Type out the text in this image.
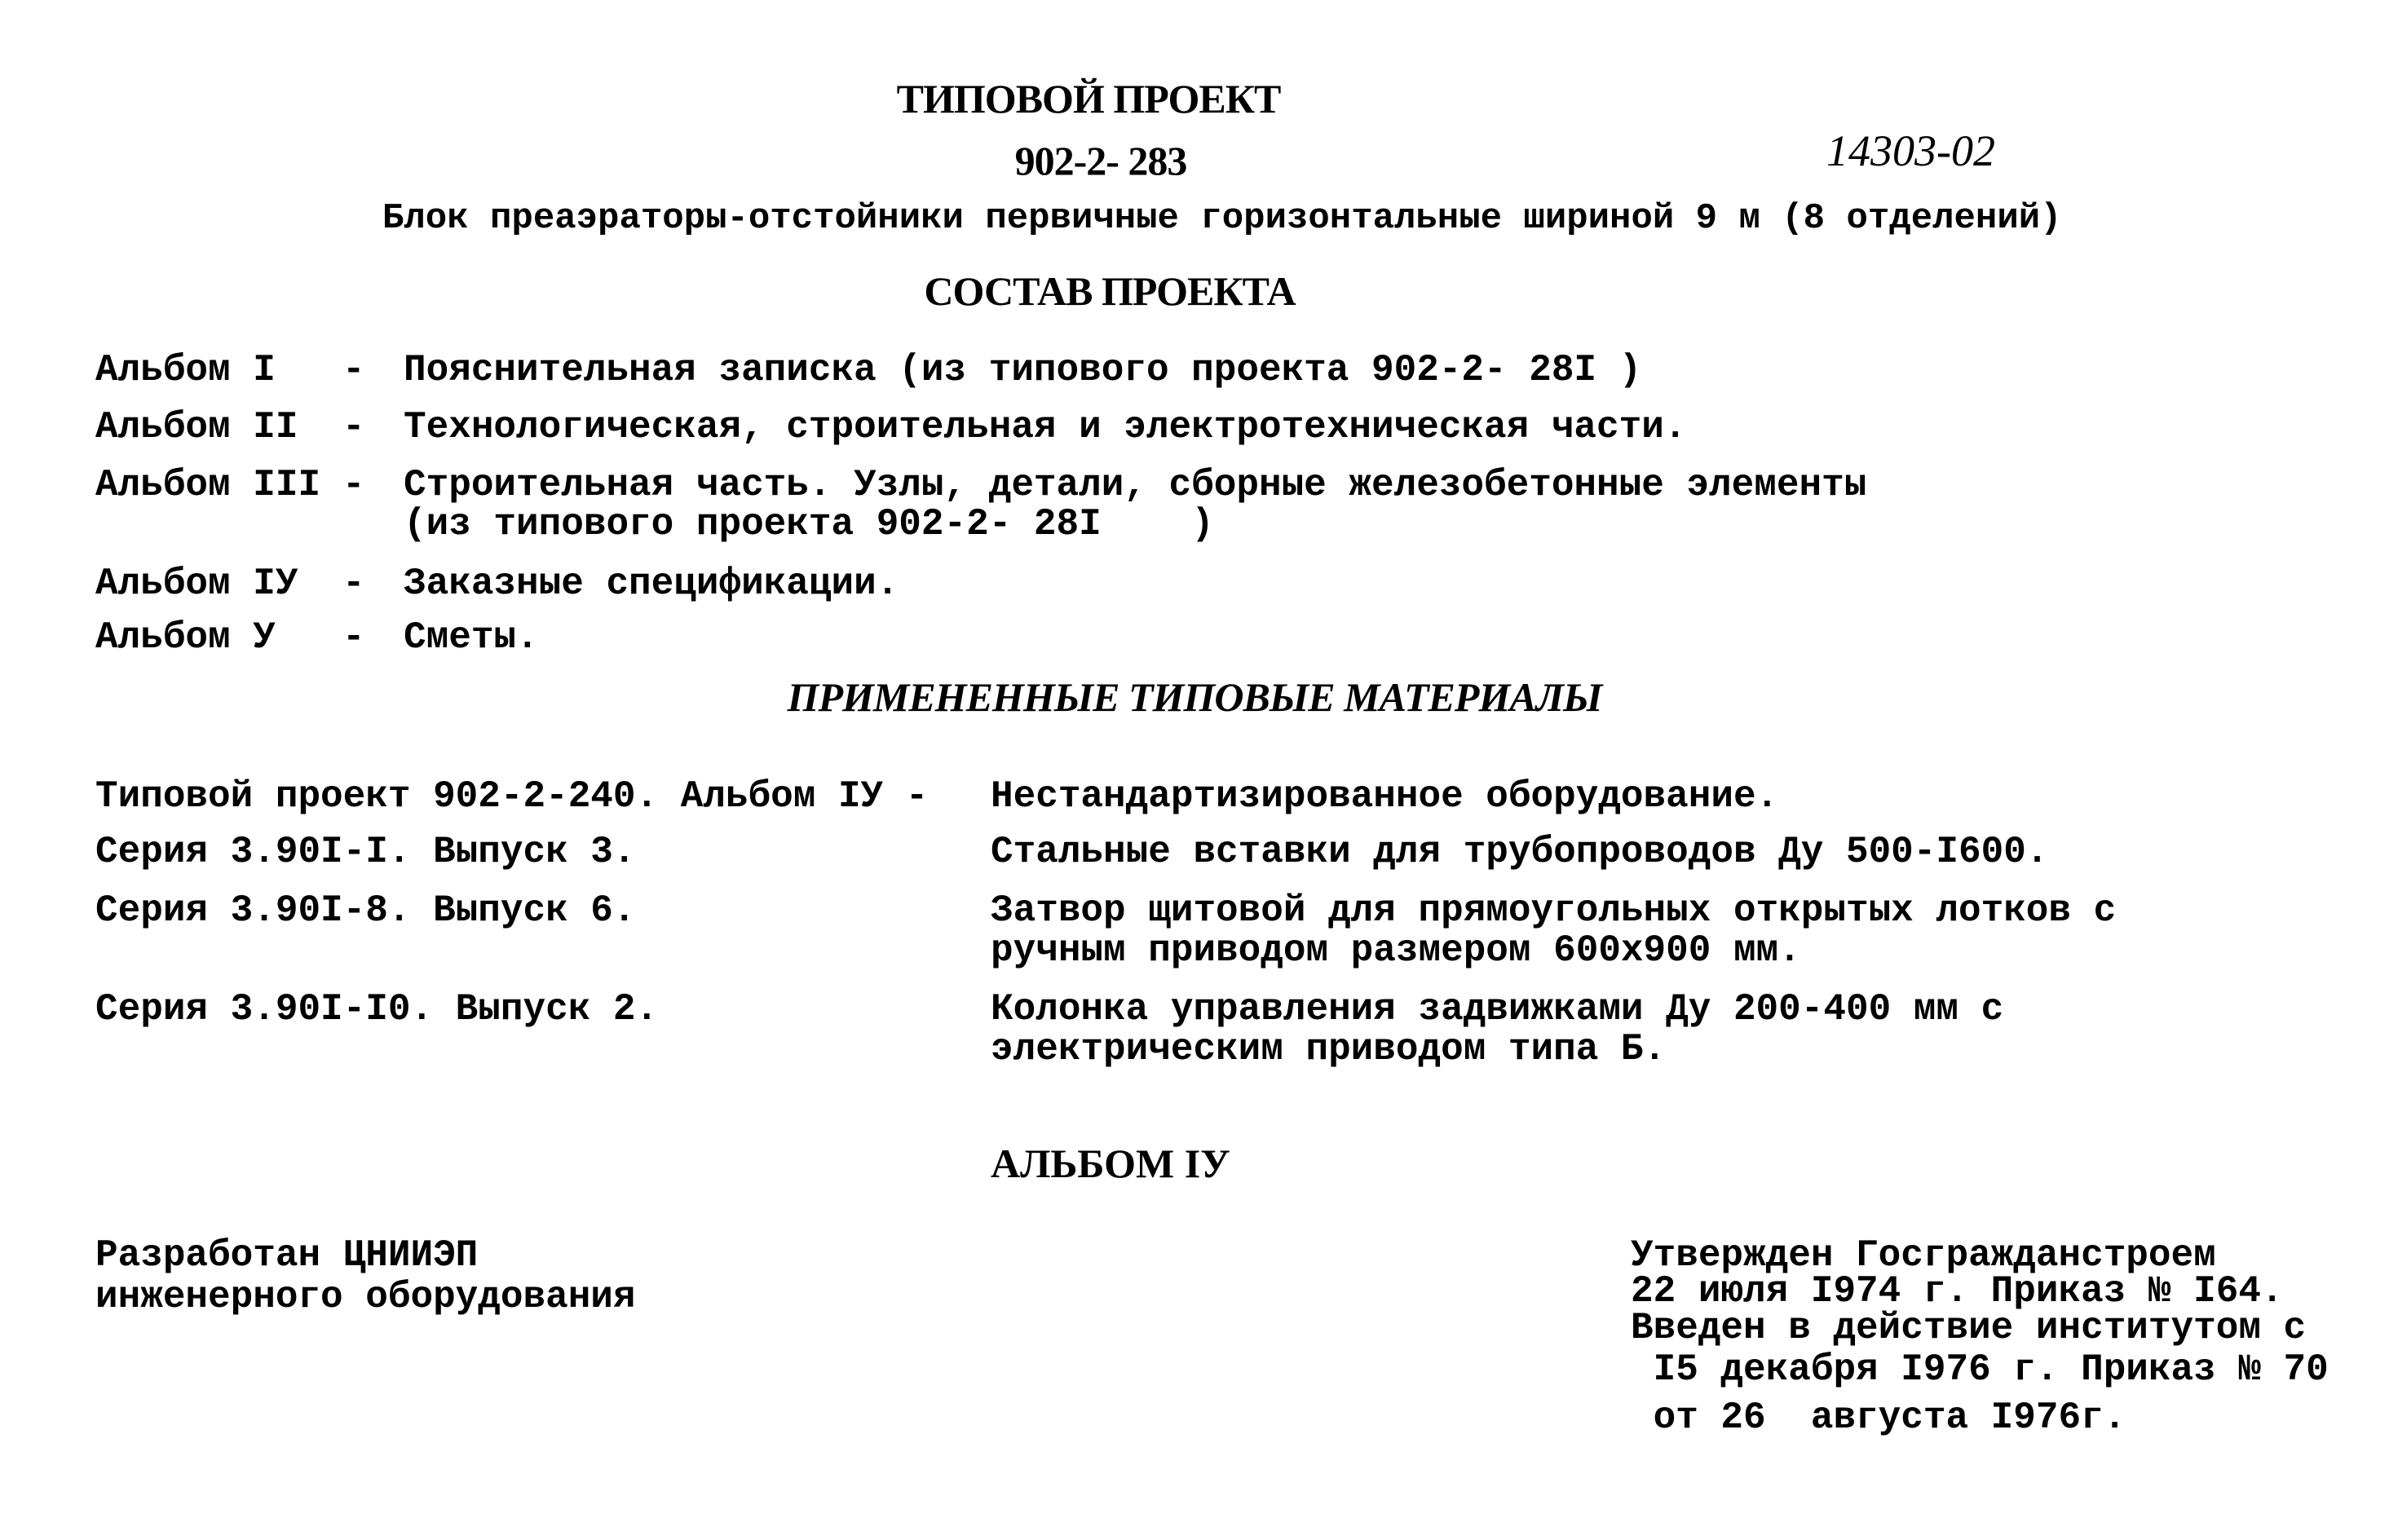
ТИПОВОЙ ПРОЕКТ
902-2- 283	14303-02
Блок преаэраторы-отстойники первичные горизонтальные шириной 9 м (8 отделений)
СОСТАВ ПРОЕКТА
Альбом I - Пояснительная записка (из типового проекта 902-2- 28I )
Альбом II - Технологическая, строительная и электротехническая части.
Альбом III - Строительная часть. Узлы, детали, сборные железобетонные элементы
(из типового проекта 902-2- 28I    )
Альбом IУ - Заказные спецификации.
Альбом У - Сметы.
ПРИМЕНЕННЫЕ ТИПОВЫЕ МАТЕРИАЛЫ
Типовой проект 902-2-240. Альбом IУ - Нестандартизированное оборудование.
Серия 3.90I-I. Выпуск 3.	Стальные вставки для трубопроводов Ду 500-I600.
Серия 3.90I-8. Выпуск 6.	Затвор щитовой для прямоугольных открытых лотков с
ручным приводом размером 600х900 мм.
Серия 3.90I-I0. Выпуск 2.	Колонка управления задвижками Ду 200-400 мм с
электрическим приводом типа Б.
АЛЬБОМ IУ
Разработан ЦНИИЭП
инженерного оборудования
Утвержден Госгражданстроем
22 июля I974 г. Приказ № I64.
Введен в действие институтом с
I5 декабря I976 г. Приказ № 70
от 26  августа I976г.
